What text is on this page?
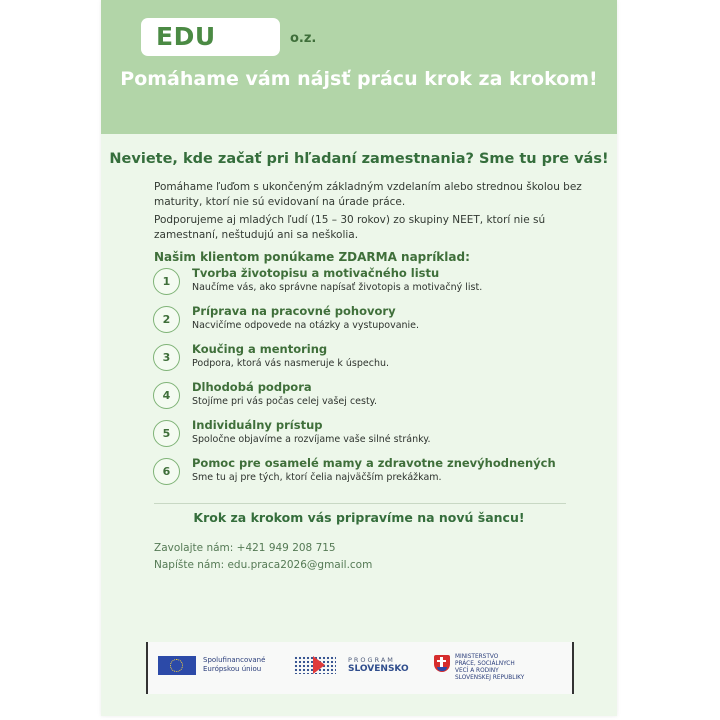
EDU	o.z.
Pomáhame vám nájsť prácu krok za krokom!
Neviete, kde začať pri hľadaní zamestnania? Sme tu pre vás!

Pomáhame ľuďom s ukončeným základným vzdelaním alebo strednou školou bez maturity, ktorí nie sú evidovaní na úrade práce.

Podporujeme aj mladých ľudí (15 – 30 rokov) zo skupiny NEET, ktorí nie sú zamestnaní, neštudujú ani sa neškolia.

Našim klientom ponúkame ZDARMA napríklad:
1
Tvorba životopisu a motivačného listu
Naučíme vás, ako správne napísať životopis a motivačný list.
2
Príprava na pracovné pohovory
Nacvičíme odpovede na otázky a vystupovanie.
3
Koučing a mentoring
Podpora, ktorá vás nasmeruje k úspechu.
4
Dlhodobá podpora
Stojíme pri vás počas celej vašej cesty.
5
Individuálny prístup
Spoločne objavíme a rozvíjame vaše silné stránky.
6
Pomoc pre osamelé mamy a zdravotne znevýhodnených
Sme tu aj pre tých, ktorí čelia najväčším prekážkam.
Krok za krokom vás pripravíme na novú šancu!
Zavolajte nám: +421 949 208 715
Napíšte nám: edu.praca2026@gmail.com
Spolufinancované
Európskou úniou
PROGRAM
SLOVENSKO
MINISTERSTVO
PRÁCE, SOCIÁLNYCH
VECÍ A RODINY
SLOVENSKEJ REPUBLIKY
